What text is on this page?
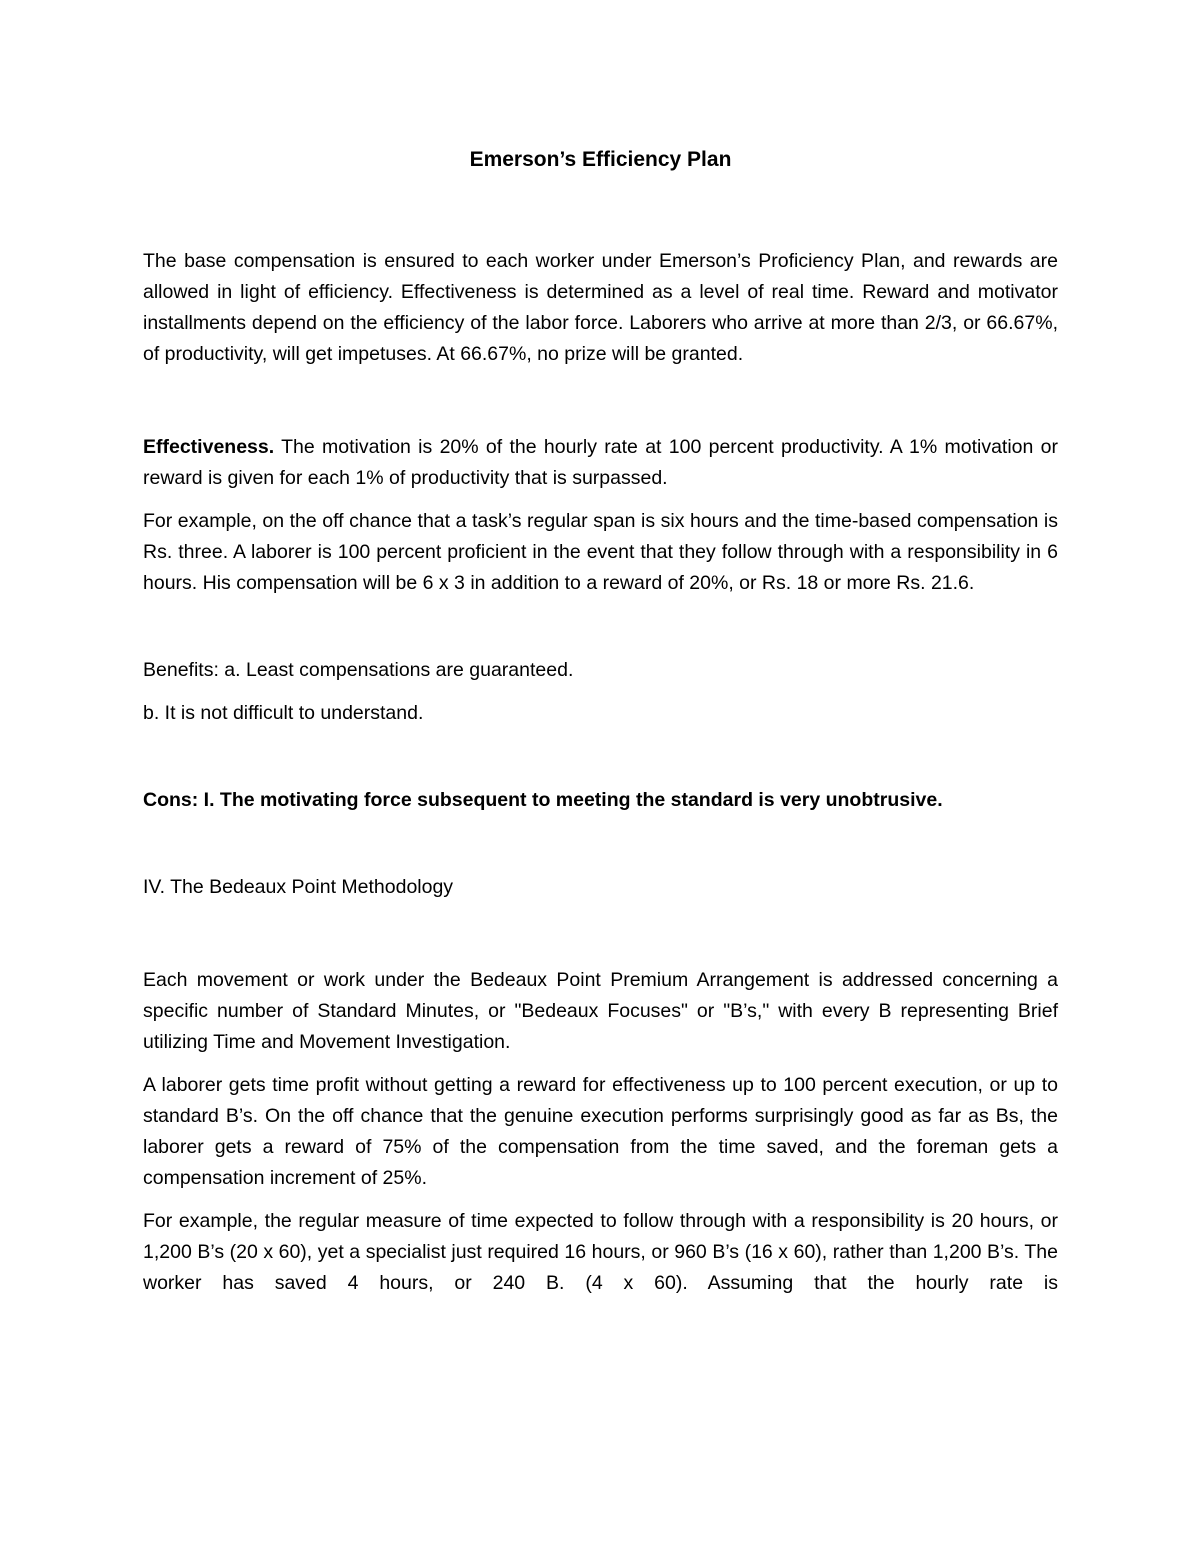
Emerson’s Efficiency Plan

The base compensation is ensured to each worker under Emerson’s Proficiency Plan, and rewards are allowed in light of efficiency. Effectiveness is determined as a level of real time. Reward and motivator installments depend on the efficiency of the labor force. Laborers who arrive at more than 2/3, or 66.67%, of productivity, will get impetuses. At 66.67%, no prize will be granted.

Effectiveness. The motivation is 20% of the hourly rate at 100 percent productivity. A 1% motivation or reward is given for each 1% of productivity that is surpassed.

For example, on the off chance that a task’s regular span is six hours and the time-based compensation is Rs. three. A laborer is 100 percent proficient in the event that they follow through with a responsibility in 6 hours. His compensation will be 6 x 3 in addition to a reward of 20%, or Rs. 18 or more Rs. 21.6.

Benefits: a. Least compensations are guaranteed.

b. It is not difficult to understand.

Cons: I. The motivating force subsequent to meeting the standard is very unobtrusive.

IV. The Bedeaux Point Methodology

Each movement or work under the Bedeaux Point Premium Arrangement is addressed concerning a specific number of Standard Minutes, or "Bedeaux Focuses" or "B’s," with every B representing Brief utilizing Time and Movement Investigation.

A laborer gets time profit without getting a reward for effectiveness up to 100 percent execution, or up to standard B’s. On the off chance that the genuine execution performs surprisingly good as far as Bs, the laborer gets a reward of 75% of the compensation from the time saved, and the foreman gets a compensation increment of 25%.

For example, the regular measure of time expected to follow through with a responsibility is 20 hours, or 1,200 B’s (20 x 60), yet a specialist just required 16 hours, or 960 B’s (16 x 60), rather than 1,200 B’s. The worker has saved 4 hours, or 240 B. (4 x 60). Assuming that the hourly rate is
